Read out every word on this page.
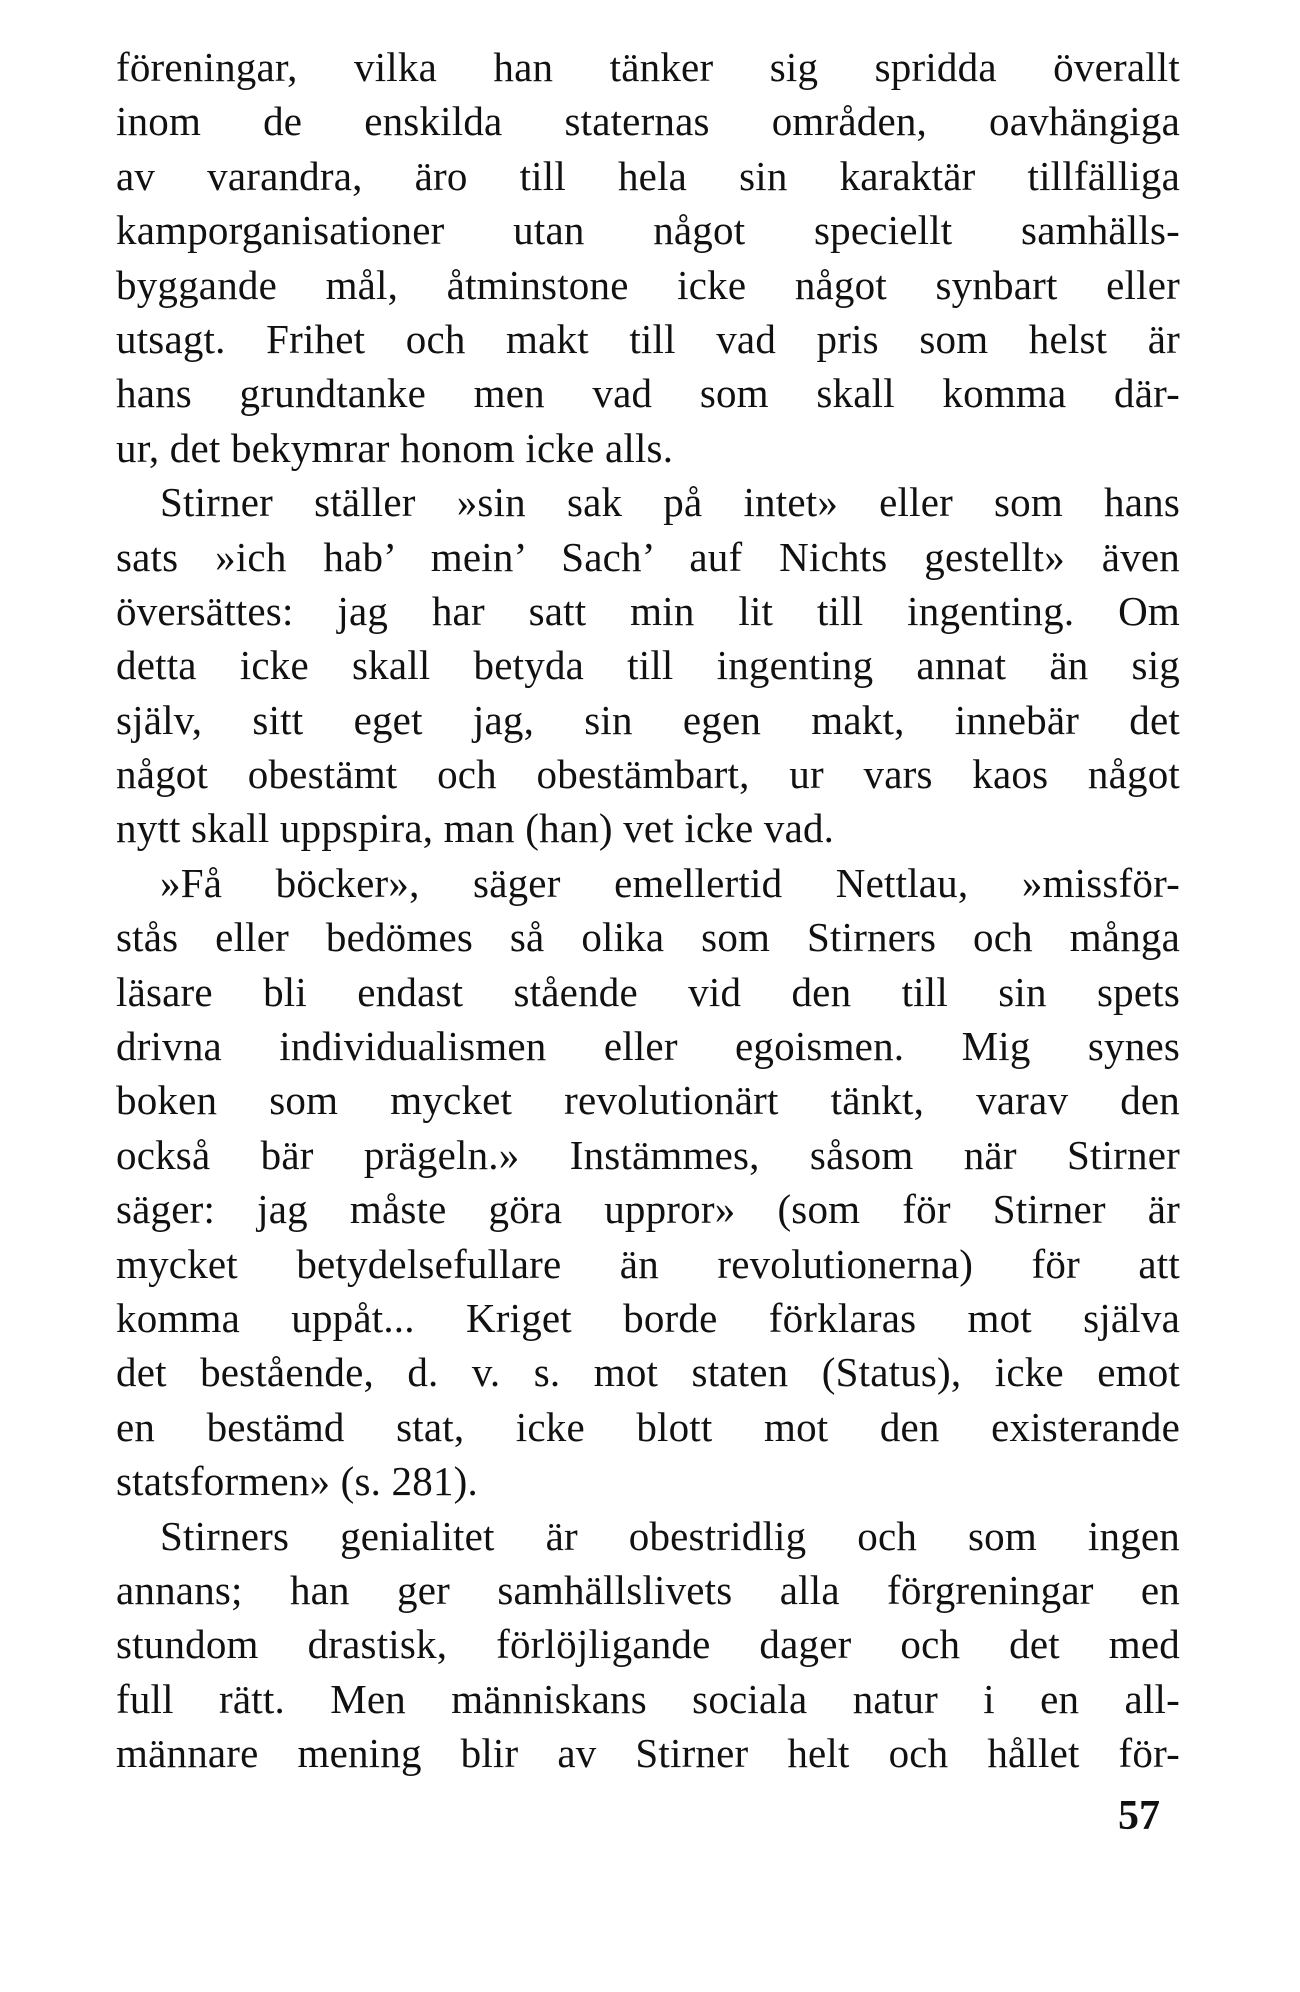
föreningar, vilka han tänker sig spridda överallt
inom de enskilda staternas områden, oavhängiga
av varandra, äro till hela sin karaktär tillfälliga
kamporganisationer utan något speciellt samhälls-
byggande mål, åtminstone icke något synbart eller
utsagt. Frihet och makt till vad pris som helst är
hans grundtanke men vad som skall komma där-
ur, det bekymrar honom icke alls.
Stirner ställer »sin sak på intet» eller som hans
sats »ich hab’ mein’ Sach’ auf Nichts gestellt» även
översättes: jag har satt min lit till ingenting. Om
detta icke skall betyda till ingenting annat än sig
själv, sitt eget jag, sin egen makt, innebär det
något obestämt och obestämbart, ur vars kaos något
nytt skall uppspira, man (han) vet icke vad.
»Få böcker», säger emellertid Nettlau, »missför-
stås eller bedömes så olika som Stirners och många
läsare bli endast stående vid den till sin spets
drivna individualismen eller egoismen. Mig synes
boken som mycket revolutionärt tänkt, varav den
också bär prägeln.» Instämmes, såsom när Stirner
säger: jag måste göra uppror» (som för Stirner är
mycket betydelsefullare än revolutionerna) för att
komma uppåt... Kriget borde förklaras mot själva
det bestående, d. v. s. mot staten (Status), icke emot
en bestämd stat, icke blott mot den existerande
statsformen» (s. 281).
Stirners genialitet är obestridlig och som ingen
annans; han ger samhällslivets alla förgreningar en
stundom drastisk, förlöjligande dager och det med
full rätt. Men människans sociala natur i en all-
männare mening blir av Stirner helt och hållet för-
57
